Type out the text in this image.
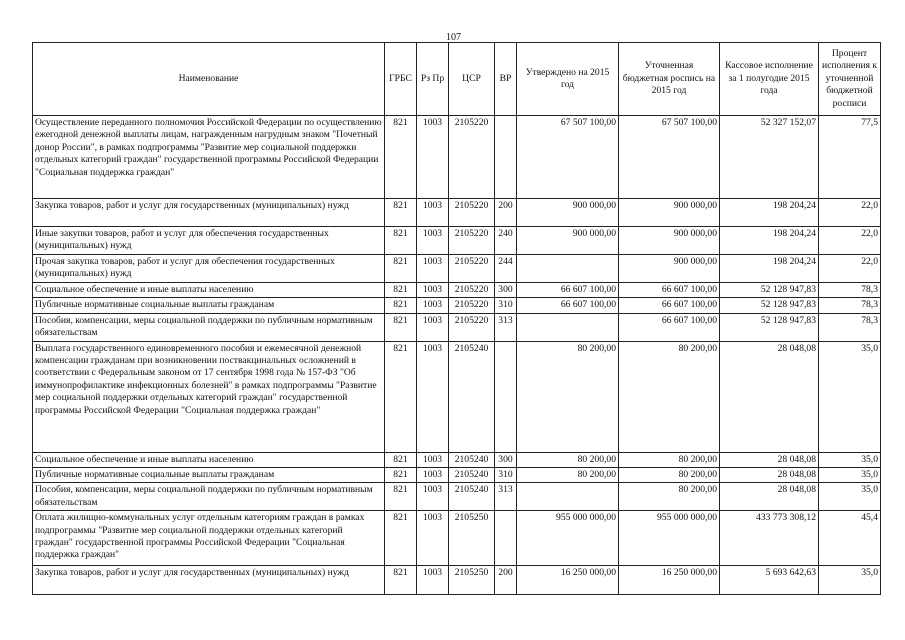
107
Наименование	ГРБС	Рз Пр	ЦСР	ВР	Утверждено на 2015 год	Уточненная бюджетная роспись на 2015 год	Кассовое исполнение за 1 полугодие 2015 года	Процент исполнения к уточненной бюджетной росписи
Осуществление переданного полномочия Российской Федерации по осуществлению ежегодной денежной выплаты лицам, награжденным нагрудным знаком "Почетный донор России", в рамках подпрограммы "Развитие мер социальной поддержки отдельных категорий граждан" государственной программы Российской Федерации "Социальная поддержка граждан"	821	1003	2105220		67 507 100,00	67 507 100,00	52 327 152,07	77,5
Закупка товаров, работ и услуг для государственных (муниципальных) нужд	821	1003	2105220	200	900 000,00	900 000,00	198 204,24	22,0
Иные закупки товаров, работ и услуг для обеспечения государственных (муниципальных) нужд	821	1003	2105220	240	900 000,00	900 000,00	198 204,24	22,0
Прочая закупка товаров, работ и услуг для обеспечения государственных (муниципальных) нужд	821	1003	2105220	244		900 000,00	198 204,24	22,0
Социальное обеспечение и иные выплаты населению	821	1003	2105220	300	66 607 100,00	66 607 100,00	52 128 947,83	78,3
Публичные нормативные социальные выплаты гражданам	821	1003	2105220	310	66 607 100,00	66 607 100,00	52 128 947,83	78,3
Пособия, компенсации, меры социальной поддержки по публичным нормативным обязательствам	821	1003	2105220	313		66 607 100,00	52 128 947,83	78,3
Выплата государственного единовременного пособия и ежемесячной денежной компенсации гражданам при возникновении поствакцинальных осложнений в соответствии с Федеральным законом от 17 сентября 1998 года № 157-ФЗ "Об иммунопрофилактике инфекционных болезней" в рамках подпрограммы "Развитие мер социальной поддержки отдельных категорий граждан" государственной программы Российской Федерации "Социальная поддержка граждан"	821	1003	2105240		80 200,00	80 200,00	28 048,08	35,0
Социальное обеспечение и иные выплаты населению	821	1003	2105240	300	80 200,00	80 200,00	28 048,08	35,0
Публичные нормативные социальные выплаты гражданам	821	1003	2105240	310	80 200,00	80 200,00	28 048,08	35,0
Пособия, компенсации, меры социальной поддержки по публичным нормативным обязательствам	821	1003	2105240	313		80 200,00	28 048,08	35,0
Оплата жилищно-коммунальных услуг отдельным категориям граждан в рамках подпрограммы "Развитие мер социальной поддержки отдельных категорий граждан" государственной программы Российской Федерации "Социальная поддержка граждан"	821	1003	2105250		955 000 000,00	955 000 000,00	433 773 308,12	45,4
Закупка товаров, работ и услуг для государственных (муниципальных) нужд	821	1003	2105250	200	16 250 000,00	16 250 000,00	5 693 642,63	35,0
